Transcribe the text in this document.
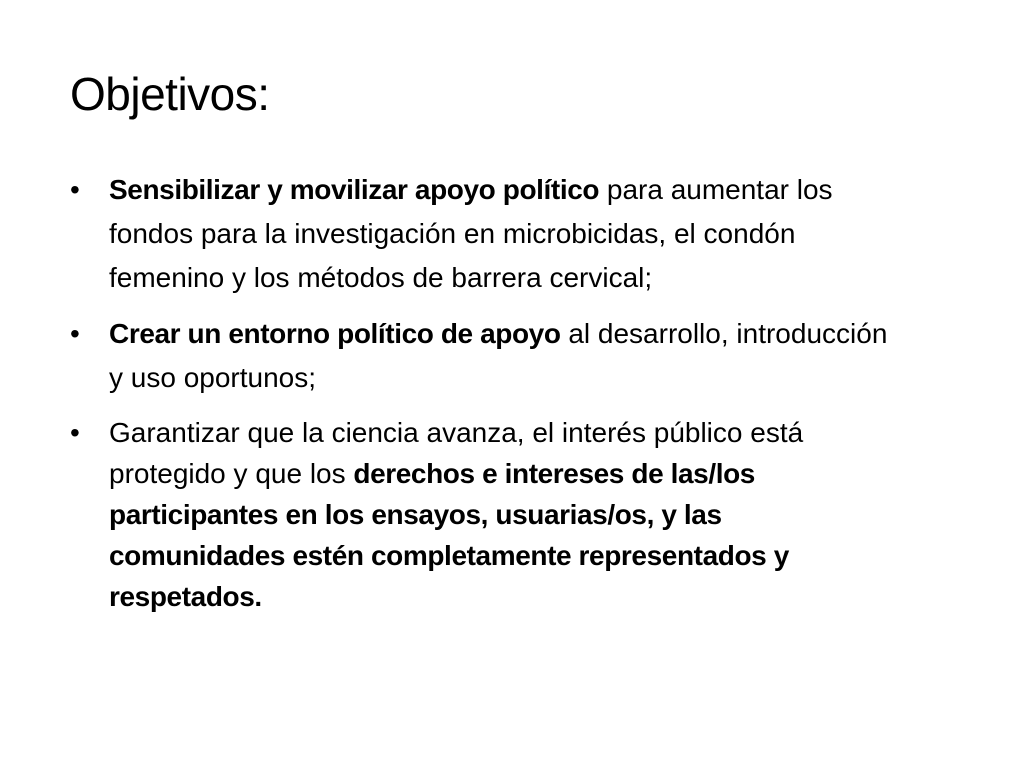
Objetivos:
• Sensibilizar y movilizar apoyo político para aumentar los fondos para la investigación en microbicidas, el condón femenino y los métodos de barrera cervical;
• Crear un entorno político de apoyo al desarrollo, introducción y uso oportunos;
• Garantizar que la ciencia avanza, el interés público está protegido y que los derechos e intereses de las/los participantes en los ensayos, usuarias/os, y las comunidades estén completamente representados y respetados.
